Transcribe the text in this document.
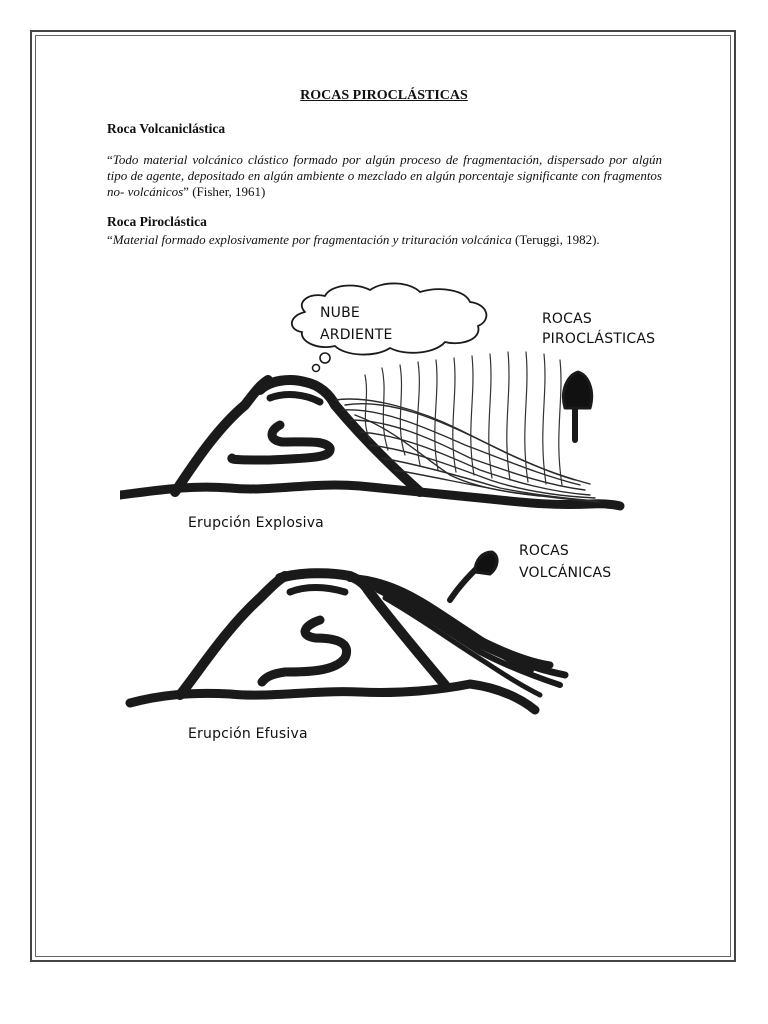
ROCAS PIROCLÁSTICAS
Roca Volcaniclástica
“Todo material volcánico clástico formado por algún proceso de fragmentación, dispersado por algún tipo de agente, depositado en algún ambiente o mezclado en algún porcentaje significante con fragmentos no- volcánicos” (Fisher, 1961)
Roca Piroclástica
“Material formado explosivamente por fragmentación y trituración volcánica (Teruggi, 1982).
NUBE
ARDIENTE
ROCAS
PIROCLÁSTICAS
Erupción Explosiva
ROCAS
VOLCÁNICAS
Erupción Efusiva
